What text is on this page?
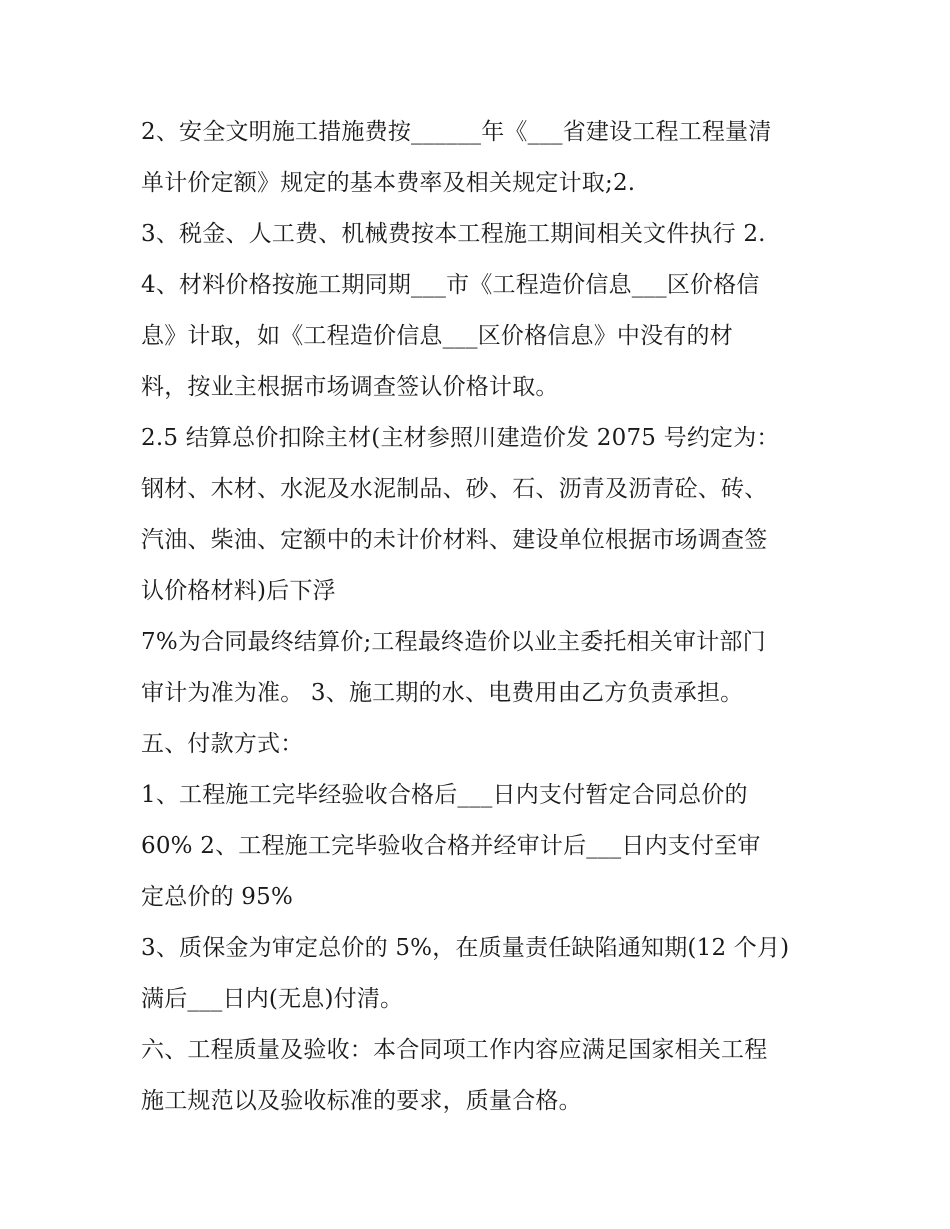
2、安全文明施工措施费按______年《___省建设工程工程量清
单计价定额》规定的基本费率及相关规定计取;2.
3、税金、人工费、机械费按本工程施工期间相关文件执行 2.
4、材料价格按施工期同期___市《工程造价信息___区价格信
息》计取，如《工程造价信息___区价格信息》中没有的材
料，按业主根据市场调查签认价格计取。
2.5 结算总价扣除主材(主材参照川建造价发 2075 号约定为：
钢材、木材、水泥及水泥制品、砂、石、沥青及沥青砼、砖、
汽油、柴油、定额中的未计价材料、建设单位根据市场调查签
认价格材料)后下浮
7%为合同最终结算价;工程最终造价以业主委托相关审计部门
审计为准为准。 3、施工期的水、电费用由乙方负责承担。
五、付款方式：
1、工程施工完毕经验收合格后___日内支付暂定合同总价的
60% 2、工程施工完毕验收合格并经审计后___日内支付至审
定总价的 95%
3、质保金为审定总价的 5%，在质量责任缺陷通知期(12 个月)
满后___日内(无息)付清。
六、工程质量及验收：本合同项工作内容应满足国家相关工程
施工规范以及验收标准的要求，质量合格。
